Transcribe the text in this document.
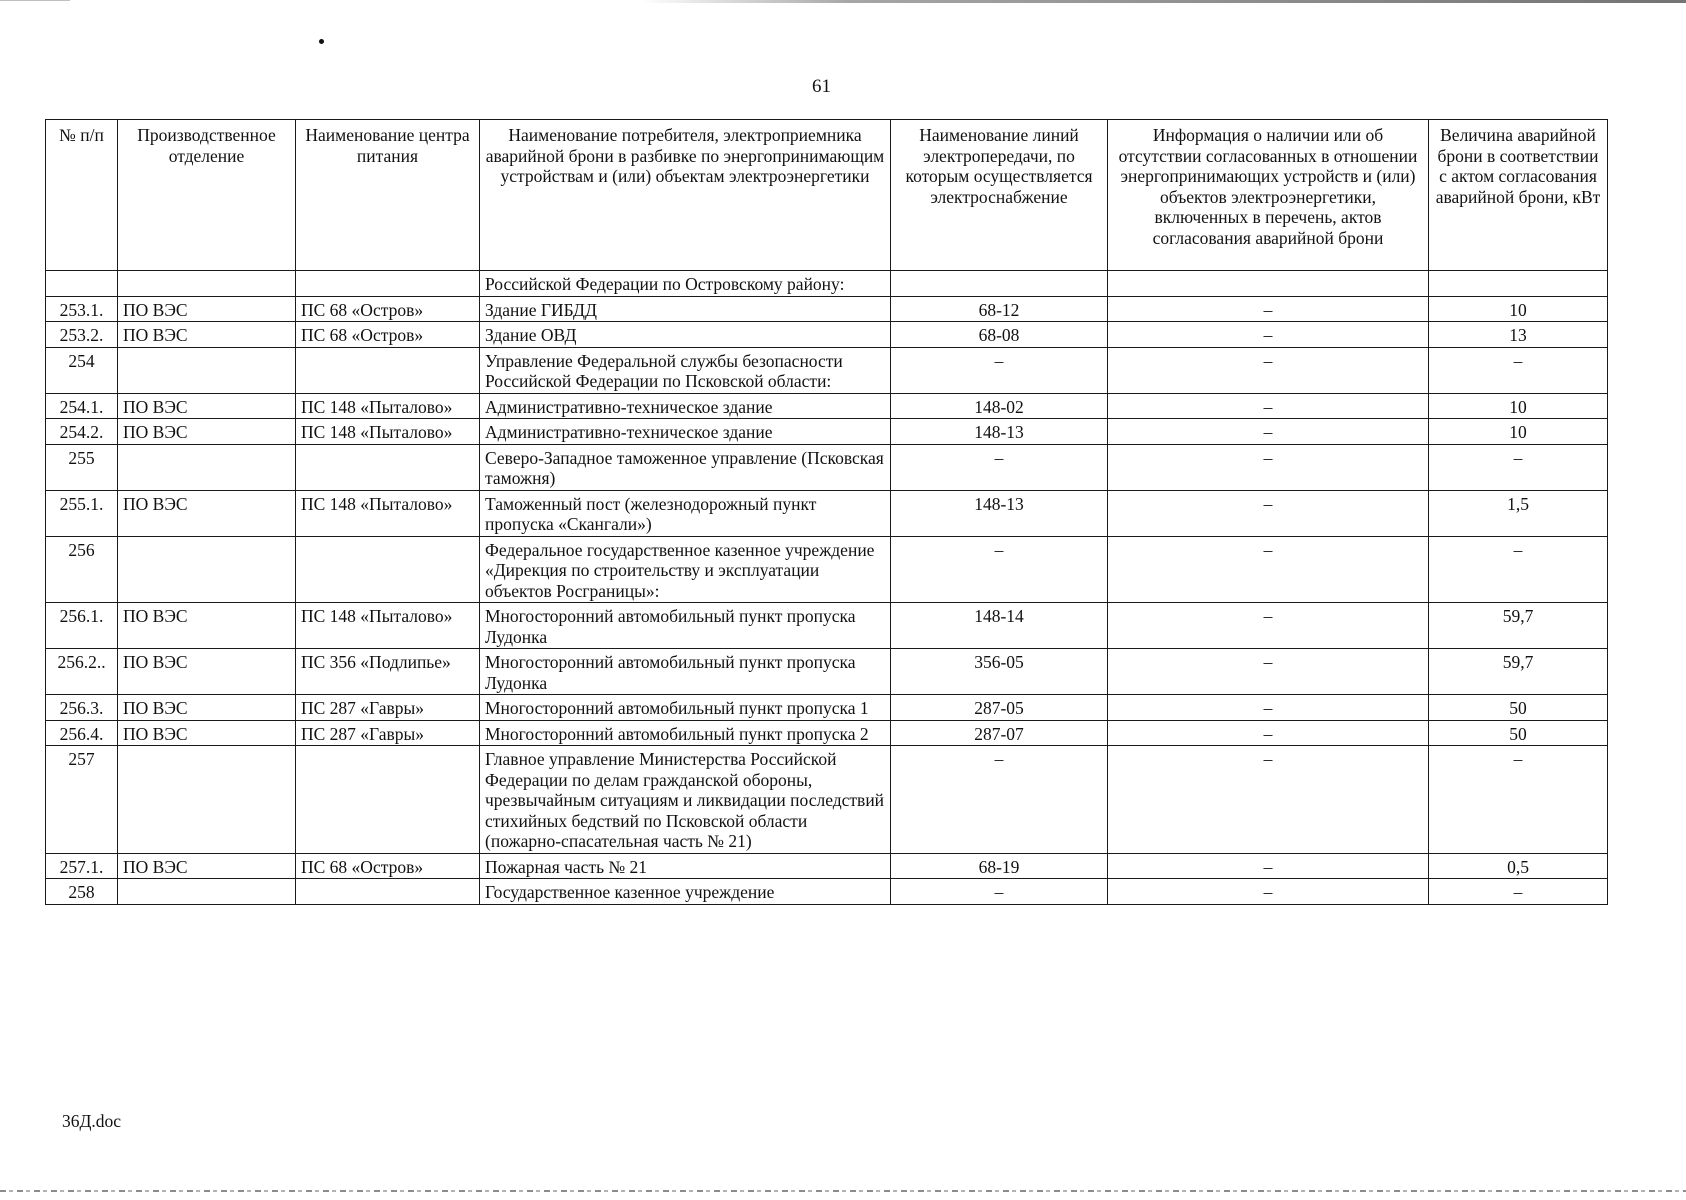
61
№ п/п	Производственное отделение	Наименование центра питания	Наименование потребителя, электроприемника аварийной брони в разбивке по энергопринимающим устройствам и (или) объектам электроэнергетики	Наименование линий электропередачи, по которым осуществляется электроснабжение	Информация о наличии или об отсутствии согласованных в отношении энергопринимающих устройств и (или) объектов электроэнергетики, включенных в перечень, актов согласования аварийной брони	Величина аварийной брони в соответствии с актом согласования аварийной брони, кВт
			Российской Федерации по Островскому району:			
253.1.	ПО ВЭС	ПС 68 «Остров»	Здание ГИБДД	68-12	–	10
253.2.	ПО ВЭС	ПС 68 «Остров»	Здание ОВД	68-08	–	13
254			Управление Федеральной службы безопасности Российской Федерации по Псковской области:	–	–	–
254.1.	ПО ВЭС	ПС 148 «Пыталово»	Административно-техническое здание	148-02	–	10
254.2.	ПО ВЭС	ПС 148 «Пыталово»	Административно-техническое здание	148-13	–	10
255			Северо-Западное таможенное управление (Псковская таможня)	–	–	–
255.1.	ПО ВЭС	ПС 148 «Пыталово»	Таможенный пост (железнодорожный пункт пропуска «Скангали»)	148-13	–	1,5
256			Федеральное государственное казенное учреждение «Дирекция по строительству и эксплуатации объектов Росграницы»:	–	–	–
256.1.	ПО ВЭС	ПС 148 «Пыталово»	Многосторонний автомобильный пункт пропуска Лудонка	148-14	–	59,7
256.2..	ПО ВЭС	ПС 356 «Подлипье»	Многосторонний автомобильный пункт пропуска Лудонка	356-05	–	59,7
256.3.	ПО ВЭС	ПС 287 «Гавры»	Многосторонний автомобильный пункт пропуска 1	287-05	–	50
256.4.	ПО ВЭС	ПС 287 «Гавры»	Многосторонний автомобильный пункт пропуска 2	287-07	–	50
257			Главное управление Министерства Российской Федерации по делам гражданской обороны, чрезвычайным ситуациям и ликвидации последствий стихийных бедствий по Псковской области (пожарно-спасательная часть № 21)	–	–	–
257.1.	ПО ВЭС	ПС 68 «Остров»	Пожарная часть № 21	68-19	–	0,5
258			Государственное казенное учреждение	–	–	–
36Д.doc
